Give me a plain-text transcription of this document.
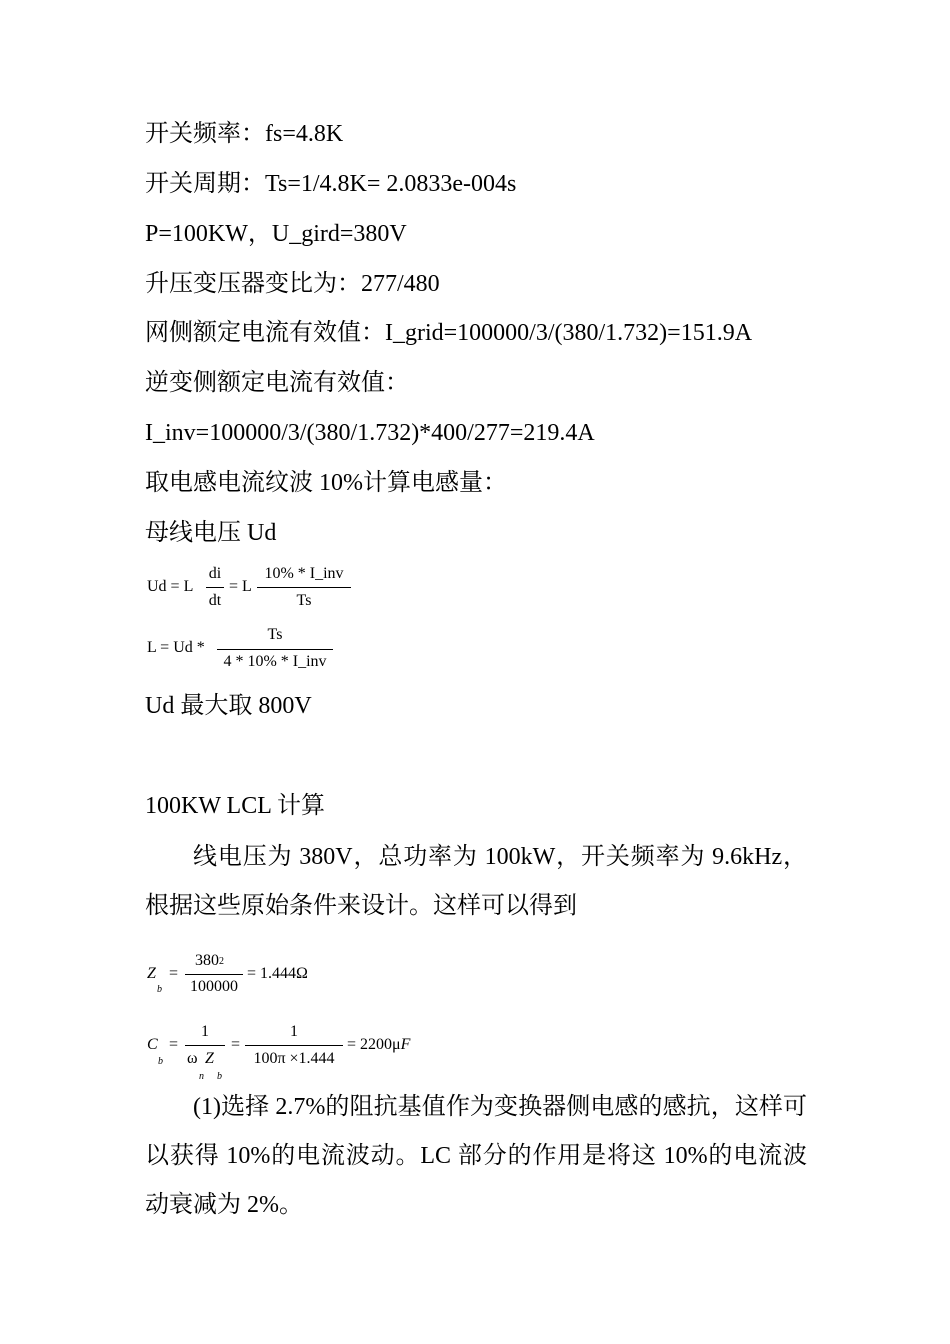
开关频率：fs=4.8K
开关周期：Ts=1/4.8K= 2.0833e-004s
P=100KW，U_gird=380V
升压变压器变比为：277/480
网侧额定电流有效值：I_grid=100000/3/(380/1.732)=151.9A
逆变侧额定电流有效值：
I_inv=100000/3/(380/1.732)*400/277=219.4A
取电感电流纹波 10%计算电感量：
母线电压 Ud
Ud = L
di
dt
= L
10% * I_inv
Ts
L = Ud *
Ts
4 * 10% * I_inv
Ud 最大取 800V
100KW LCL 计算
线电压为 380V，总功率为 100kW，开关频率为 9.6kHz，根据这些原始条件来设计。这样可以得到
Z
b
=
3802
100000
= 1.444Ω
C
b
=
1
ω Z
n b
=
1
100π ×1.444
= 2200μF
(1)选择 2.7%的阻抗基值作为变换器侧电感的感抗，这样可以获得 10%的电流波动。LC 部分的作用是将这 10%的电流波动衰减为 2%。
